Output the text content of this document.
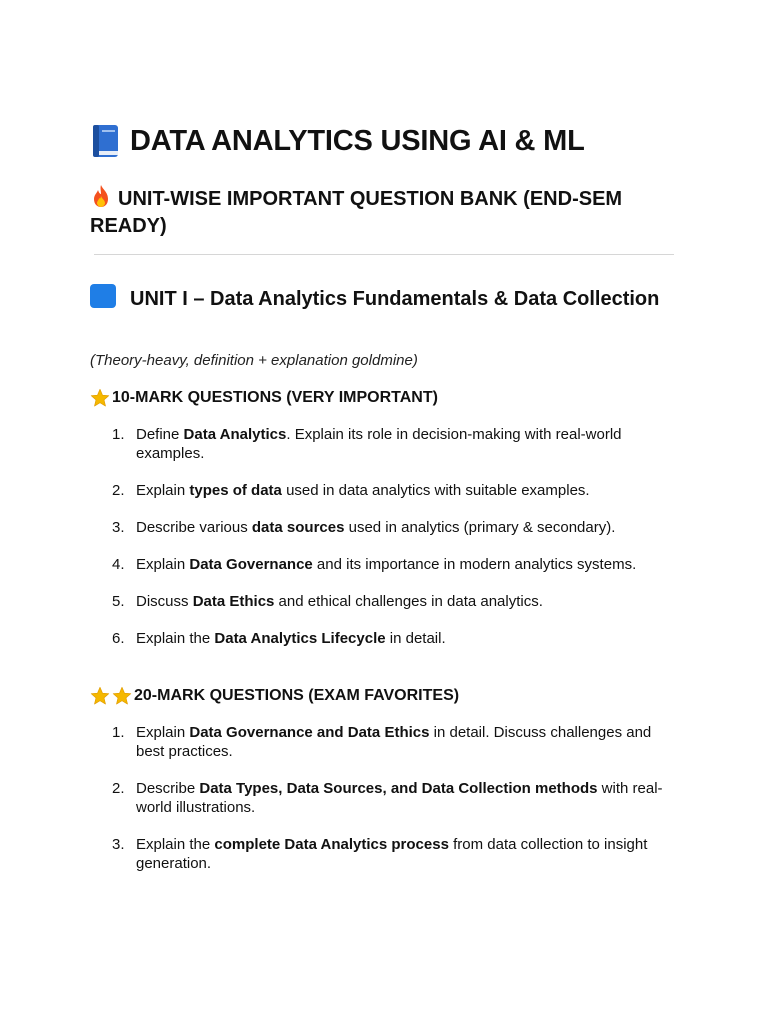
DATA ANALYTICS USING AI & ML
UNIT-WISE IMPORTANT QUESTION BANK (END-SEM READY)
UNIT I – Data Analytics Fundamentals & Data Collection
(Theory-heavy, definition + explanation goldmine)
10-MARK QUESTIONS (VERY IMPORTANT)
1. Define Data Analytics. Explain its role in decision-making with real-world examples.
2. Explain types of data used in data analytics with suitable examples.
3. Describe various data sources used in analytics (primary & secondary).
4. Explain Data Governance and its importance in modern analytics systems.
5. Discuss Data Ethics and ethical challenges in data analytics.
6. Explain the Data Analytics Lifecycle in detail.
20-MARK QUESTIONS (EXAM FAVORITES)
1. Explain Data Governance and Data Ethics in detail. Discuss challenges and best practices.
2. Describe Data Types, Data Sources, and Data Collection methods with real-world illustrations.
3. Explain the complete Data Analytics process from data collection to insight generation.
